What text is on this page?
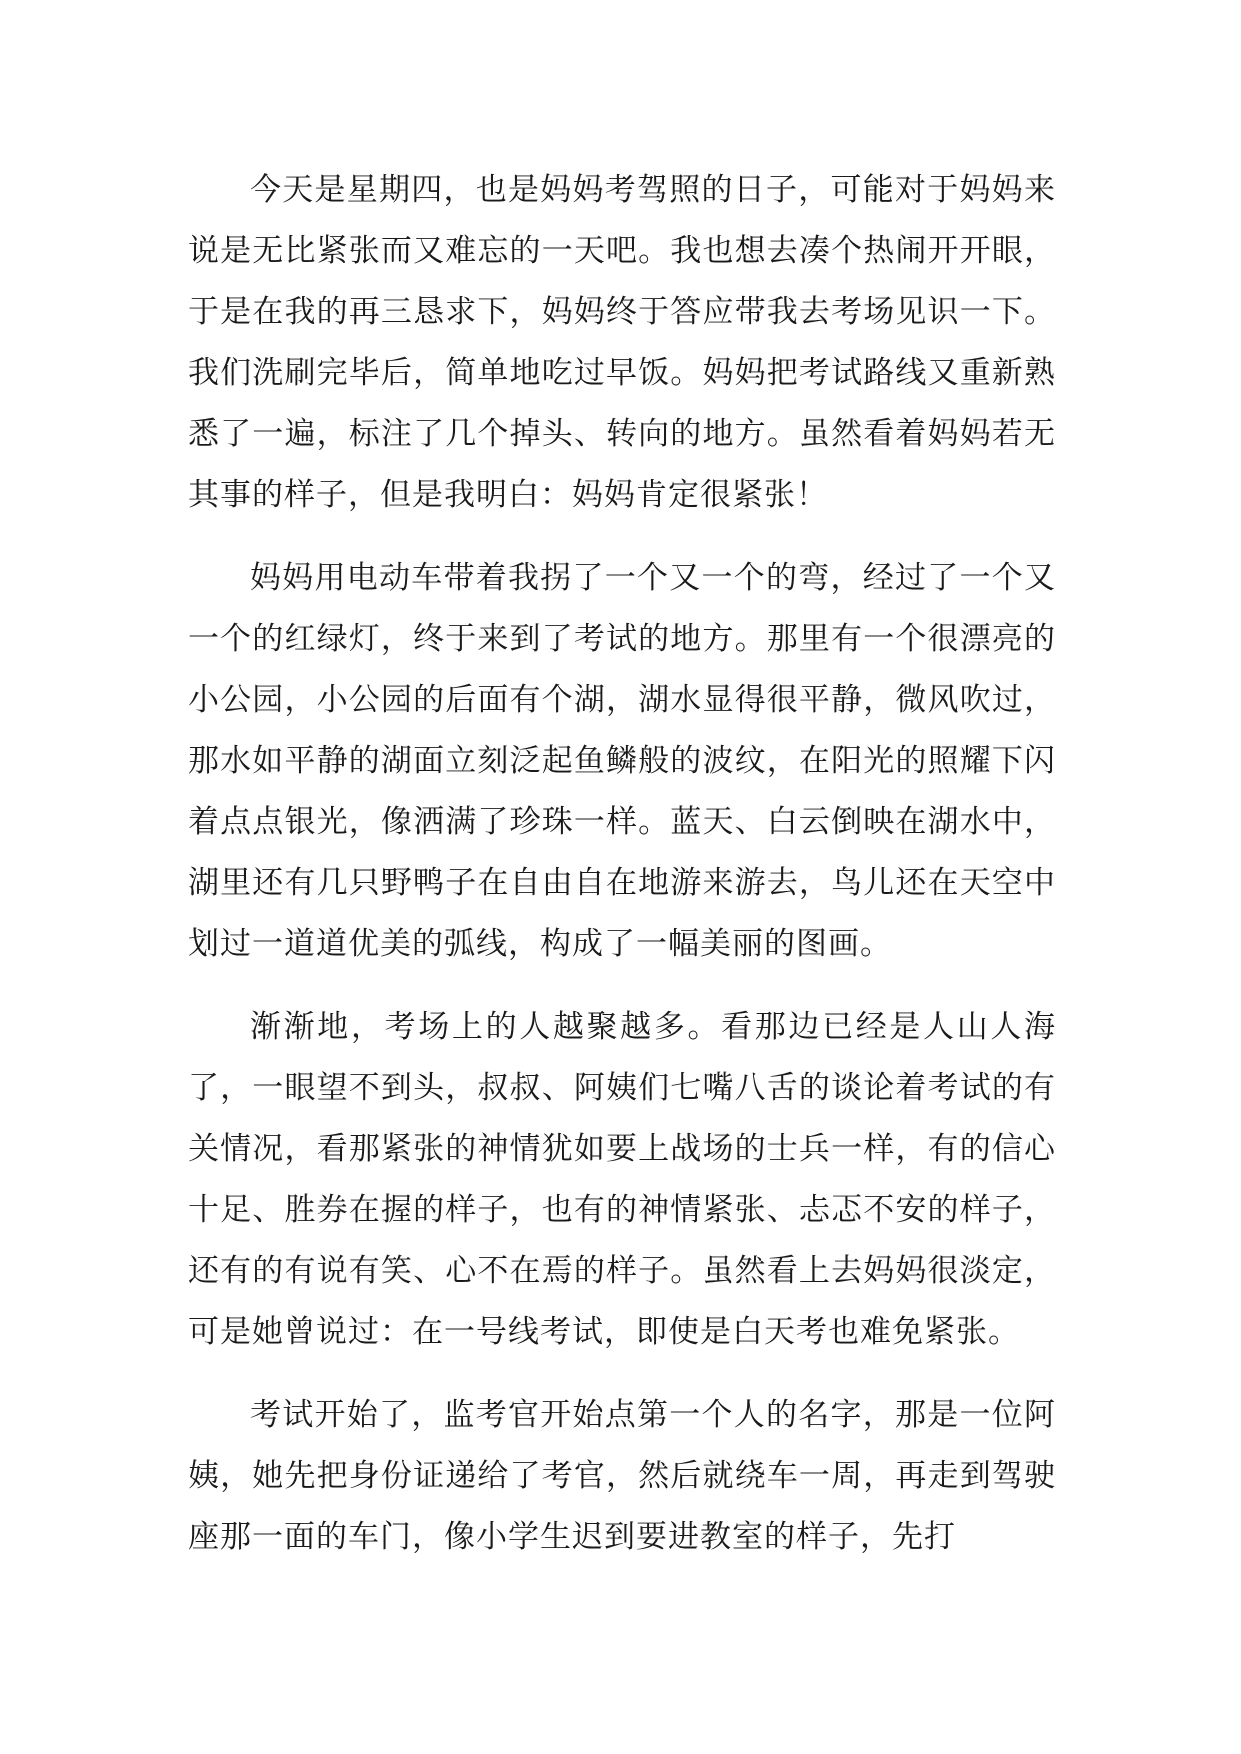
今天是星期四，也是妈妈考驾照的日子，可能对于妈妈来说是无比紧张而又难忘的一天吧。我也想去凑个热闹开开眼，于是在我的再三恳求下，妈妈终于答应带我去考场见识一下。我们洗刷完毕后，简单地吃过早饭。妈妈把考试路线又重新熟悉了一遍，标注了几个掉头、转向的地方。虽然看着妈妈若无其事的样子，但是我明白：妈妈肯定很紧张！

妈妈用电动车带着我拐了一个又一个的弯，经过了一个又一个的红绿灯，终于来到了考试的地方。那里有一个很漂亮的小公园，小公园的后面有个湖，湖水显得很平静，微风吹过，那水如平静的湖面立刻泛起鱼鳞般的波纹，在阳光的照耀下闪着点点银光，像洒满了珍珠一样。蓝天、白云倒映在湖水中，湖里还有几只野鸭子在自由自在地游来游去，鸟儿还在天空中划过一道道优美的弧线，构成了一幅美丽的图画。

渐渐地，考场上的人越聚越多。看那边已经是人山人海了，一眼望不到头，叔叔、阿姨们七嘴八舌的谈论着考试的有关情况，看那紧张的神情犹如要上战场的士兵一样，有的信心十足、胜券在握的样子，也有的神情紧张、忐忑不安的样子，还有的有说有笑、心不在焉的样子。虽然看上去妈妈很淡定，可是她曾说过：在一号线考试，即使是白天考也难免紧张。

考试开始了，监考官开始点第一个人的名字，那是一位阿姨，她先把身份证递给了考官，然后就绕车一周，再走到驾驶座那一面的车门，像小学生迟到要进教室的样子，先打
